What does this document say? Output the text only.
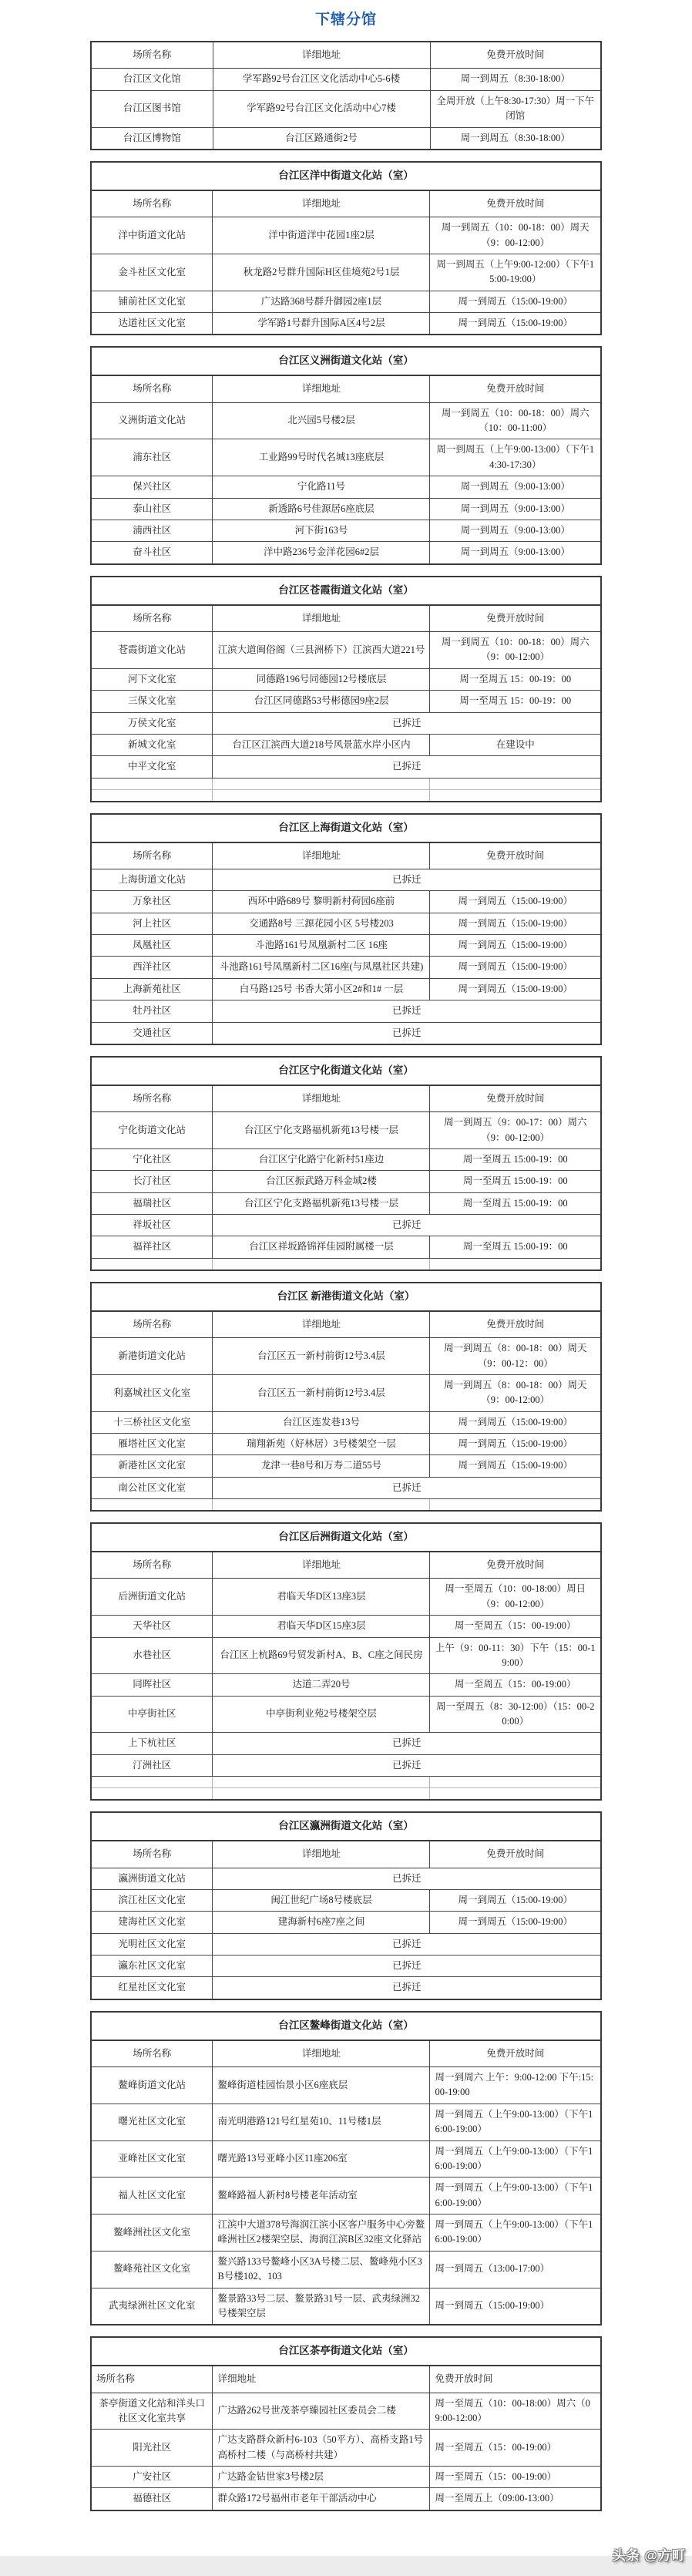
下辖分馆
场所名称	详细地址	免费开放时间
台江区文化馆	学军路92号台江区文化活动中心5-6楼	周一到周五（8:30-18:00）
台江区图书馆	学军路92号台江区文化活动中心7楼	全周开放（上午8:30-17:30）周一下午闭馆
台江区博物馆	台江区路通街2号	周一到周五（8:30-18:00）
台江区洋中街道文化站（室）		
场所名称	详细地址	免费开放时间
洋中街道文化站	洋中街道洋中花园1座2层	周一到周五（10：00-18：00）周天（9：00-12:00）
金斗社区文化室	秋龙路2号群升国际H区佳境苑2号1层	周一到周五（上午9:00-12:00）（下午15:00-19:00）
铺前社区文化室	广达路368号群升御园2座1层	周一到周五（15:00-19:00）
达道社区文化室	学军路1号群升国际A区4号2层	周一到周五（15:00-19:00）
台江区义洲街道文化站（室）		
场所名称	详细地址	免费开放时间
义洲街道文化站	北兴园5号楼2层	周一到周五（10：00-18：00）周六（10：00-11:00）
浦东社区	工业路99号时代名城13座底层	周一到周五（上午9:00-13:00）（下午14:30-17:30）
保兴社区	宁化路11号	周一到周五（9:00-13:00）
泰山社区	新透路6号佳源居6座底层	周一到周五（9:00-13:00）
浦西社区	河下街163号	周一到周五（9:00-13:00）
奋斗社区	洋中路236号金洋花园6#2层	周一到周五（9:00-13:00）
台江区苍霞街道文化站（室）		
场所名称	详细地址	免费开放时间
苍霞街道文化站	江滨大道闽俗阁（三县洲桥下）江滨西大道221号	周一到周五（10：00-18：00）周六（9：00-12:00）
河下文化室	同德路196号同德园12号楼底层	周一至周五 15：00-19：00
三保文化室	台江区同德路53号彬德园9座2层	周一至周五 15：00-19：00
万侯文化室	已拆迁	
新城文化室	台江区江滨西大道218号风景蓝水岸小区内	在建设中
中平文化室	已拆迁	

台江区上海街道文化站（室）		
场所名称	详细地址	免费开放时间
上海街道文化站	已拆迁	
万象社区	西环中路689号 黎明新村荷园6座前	周一到周五（15:00-19:00）
河上社区	交通路8号 三源花园小区 5号楼203	周一到周五（15:00-19:00）
凤凰社区	斗池路161号凤凰新村二区 16座	周一到周五（15:00-19:00）
西洋社区	斗池路161号凤凰新村二区16座(与凤凰社区共建)	周一到周五（15:00-19:00）
上海新苑社区	白马路125号 书香大第小区2#和1# 一层	周一到周五（15:00-19:00）
牡丹社区	已拆迁	
交通社区	已拆迁	
台江区宁化街道文化站（室）		
场所名称	详细地址	免费开放时间
宁化街道文化站	台江区宁化支路福机新苑13号楼一层	周一到周五（9：00-17：00）周六（9：00-12:00）
宁化社区	台江区宁化路宁化新村51座边	周一至周五 15:00-19：00
长汀社区	台江区振武路万科金域2楼	周一至周五 15:00-19：00
福瑞社区	台江区宁化支路福机新苑13号楼一层	周一至周五 15:00-19：00
祥坂社区	已拆迁	
福祥社区	台江区祥坂路锦祥佳园附属楼一层	周一至周五 15:00-19：00

台江区 新港街道文化站（室）		
场所名称	详细地址	免费开放时间
新港街道文化站	台江区五一新村前街12号3.4层	周一到周五（8：00-18：00）周天（9：00-12：00）
利嘉城社区文化室	台江区五一新村前街12号3.4层	周一到周五（8：00-18：00）周天（9：00-12:00）
十三桥社区文化室	台江区连发巷13号	周一到周五（15:00-19:00）
雁塔社区文化室	瑞翔新苑（好林居）3号楼架空一层	周一到周五（15:00-19:00）
新港社区文化室	龙津一巷8号和万寿二道55号	周一到周五（15:00-19:00）
南公社区文化室	已拆迁	

台江区后洲街道文化站（室）		
场所名称	详细地址	免费开放时间
后洲街道文化站	君临天华D区13座3层	周一至周五（10：00-18:00）周日（9：00-12:00）
天华社区	君临天华D区15座3层	周一至周五（15：00-19:00）
水巷社区	台江区上杭路69号贸发新村A、B、C座之间民房	上午（9：00-11：30）下午（15：00-19:00）
同晖社区	达道二弄20号	周一至周五（15：00-19:00）
中亭街社区	中亭街利业苑2号楼架空层	周一至周五（8：30-12:00）（15：00-20:00）
上下杭社区	已拆迁	
汀洲社区	已拆迁	

台江区瀛洲街道文化站（室）		
场所名称	详细地址	免费开放时间
瀛洲街道文化站	已拆迁	
滨江社区文化室	闽江世纪广场8号楼底层	周一到周五（15:00-19:00）
建海社区文化室	建海新村6座7座之间	周一到周五（15:00-19:00）
光明社区文化室	已拆迁	
瀛东社区文化室	已拆迁	
红星社区文化室	已拆迁	
台江区鳌峰街道文化站（室）		
场所名称	详细地址	免费开放时间
鳌峰街道文化站	鳌峰街道桂园怡景小区6座底层	周一到周六 上午：9:00-12:00 下午:15:00-19:00
曙光社区文化室	南光明港路121号红星苑10、11号楼1层	周一到周五（上午9:00-13:00）（下午16:00-19:00）
亚峰社区文化室	曙光路13号亚峰小区11座206室	周一到周五（上午9:00-13:00）（下午16:00-19:00）
福人社区文化室	鳌峰路福人新村8号楼老年活动室	周一到周五（上午9:00-13:00）（下午16:00-19:00）
鳌峰洲社区文化室	江滨中大道378号海润江滨小区客户服务中心旁鳌峰洲社区2楼架空层、海润江滨B区32座文化驿站	周一到周五（上午9:00-13:00）（下午16:00-19:00）
鳌峰苑社区文化室	鳌兴路133号鳌峰小区3A号楼二层、鳌峰苑小区3B号楼102、103	周一到周五（13:00-17:00）
武夷绿洲社区文化室	鳌景路33号二层、鳌景路31号一层、武夷绿洲32号楼架空层	周一到周五（15:00-19:00）
台江区茶亭街道文化站（室）		
场所名称	详细地址	免费开放时间
茶亭街道文化站和洋头口社区文化室共享	广达路262号世茂茶亭臻园社区委员会二楼	周一至周五（10：00-18:00）周六（09:00-12:00）
阳光社区	广达支路群众新村6-103（50平方）、高桥支路1号高桥村二楼（与高桥村共建）	周一至周五（15：00-19:00）
广安社区	广达路金钻世家3号楼2层	周一至周五（15：00-19:00）
福德社区	群众路172号福州市老年干部活动中心	周一至周五上（09:00-13:00）
头条 @方町
